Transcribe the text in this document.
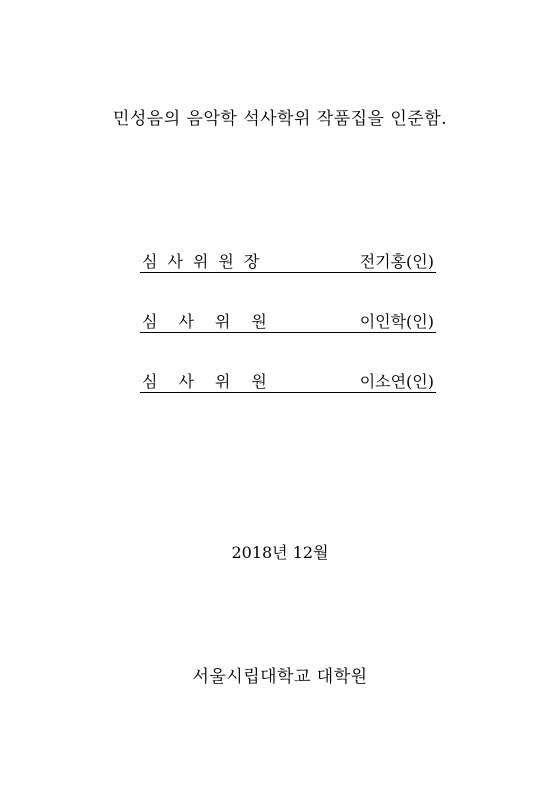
민성음의 음악학 석사학위 작품집을 인준함.
심사위원장	전기홍(인)
심사위원	이인학(인)
심사위원	이소연(인)
2018년 12월
서울시립대학교 대학원
